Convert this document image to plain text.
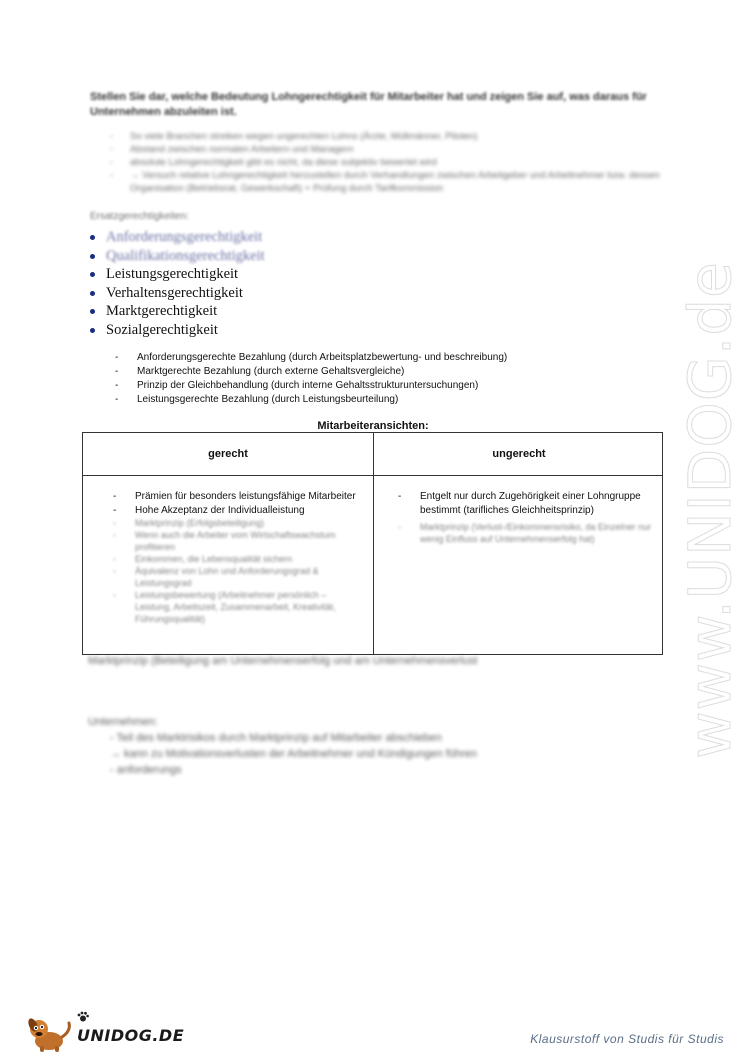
Stellen Sie dar, welche Bedeutung Lohngerechtigkeit für Mitarbeiter hat und zeigen Sie auf, was daraus für Unternehmen abzuleiten ist.
- So viele Branchen streiken wegen ungerechten Lohns (Ärzte, Müllmänner, Piloten)
- Abstand zwischen normalen Arbeitern und Managern
- absolute Lohngerechtigkeit gibt es nicht, da diese subjektiv bewertet wird
- → Versuch relative Lohngerechtigkeit herzustellen durch Verhandlungen zwischen Arbeitgeber und Arbeitnehmer bzw. dessen Organisation (Betriebsrat, Gewerkschaft) + Prüfung durch Tarifkommission
Ersatzgerechtigkeiten:
Anforderungsgerechtigkeit
Qualifikationsgerechtigkeit
Leistungsgerechtigkeit
Verhaltensgerechtigkeit
Marktgerechtigkeit
Sozialgerechtigkeit
- Anforderungsgerechte Bezahlung (durch Arbeitsplatzbewertung- und beschreibung)
- Marktgerechte Bezahlung (durch externe Gehaltsvergleiche)
- Prinzip der Gleichbehandlung (durch interne Gehaltsstrukturuntersuchungen)
- Leistungsgerechte Bezahlung (durch Leistungsbeurteilung)
Mitarbeiteransichten:
gerecht	ungerecht
- Prämien für besonders leistungsfähige Mitarbeiter
- Hohe Akzeptanz der Individualleistung
- Marktprinzip (Erfolgsbeteiligung)
- Wenn auch die Arbeiter vom Wirtschaftswachstum profitieren
- Einkommen, die Lebensqualität sichern
- Äquivalenz von Lohn und Anforderungsgrad & Leistungsgrad
- Leistungsbewertung (Arbeitnehmer persönlich – Leistung, Arbeitszeit, Zusammenarbeit, Kreativität, Führungsqualität)
- Entgelt nur durch Zugehörigkeit einer Lohngruppe bestimmt (tarifliches Gleichheitsprinzip)
- Marktprinzip (Verlust-/Einkommensrisiko, da Einzelner nur wenig Einfluss auf Unternehmenserfolg hat)
Marktprinzip (Beteiligung am Unternehmenserfolg und am Unternehmensverlust
Unternehmen:
- Teil des Marktrisikos durch Marktprinzip auf Mitarbeiter abschieben
→ kann zu Motivationsverlusten der Arbeitnehmer und Kündigungen führen
- anforderungs
www.UNIDOG.de
UNIDOG.DE	Klausurstoff von Studis für Studis
